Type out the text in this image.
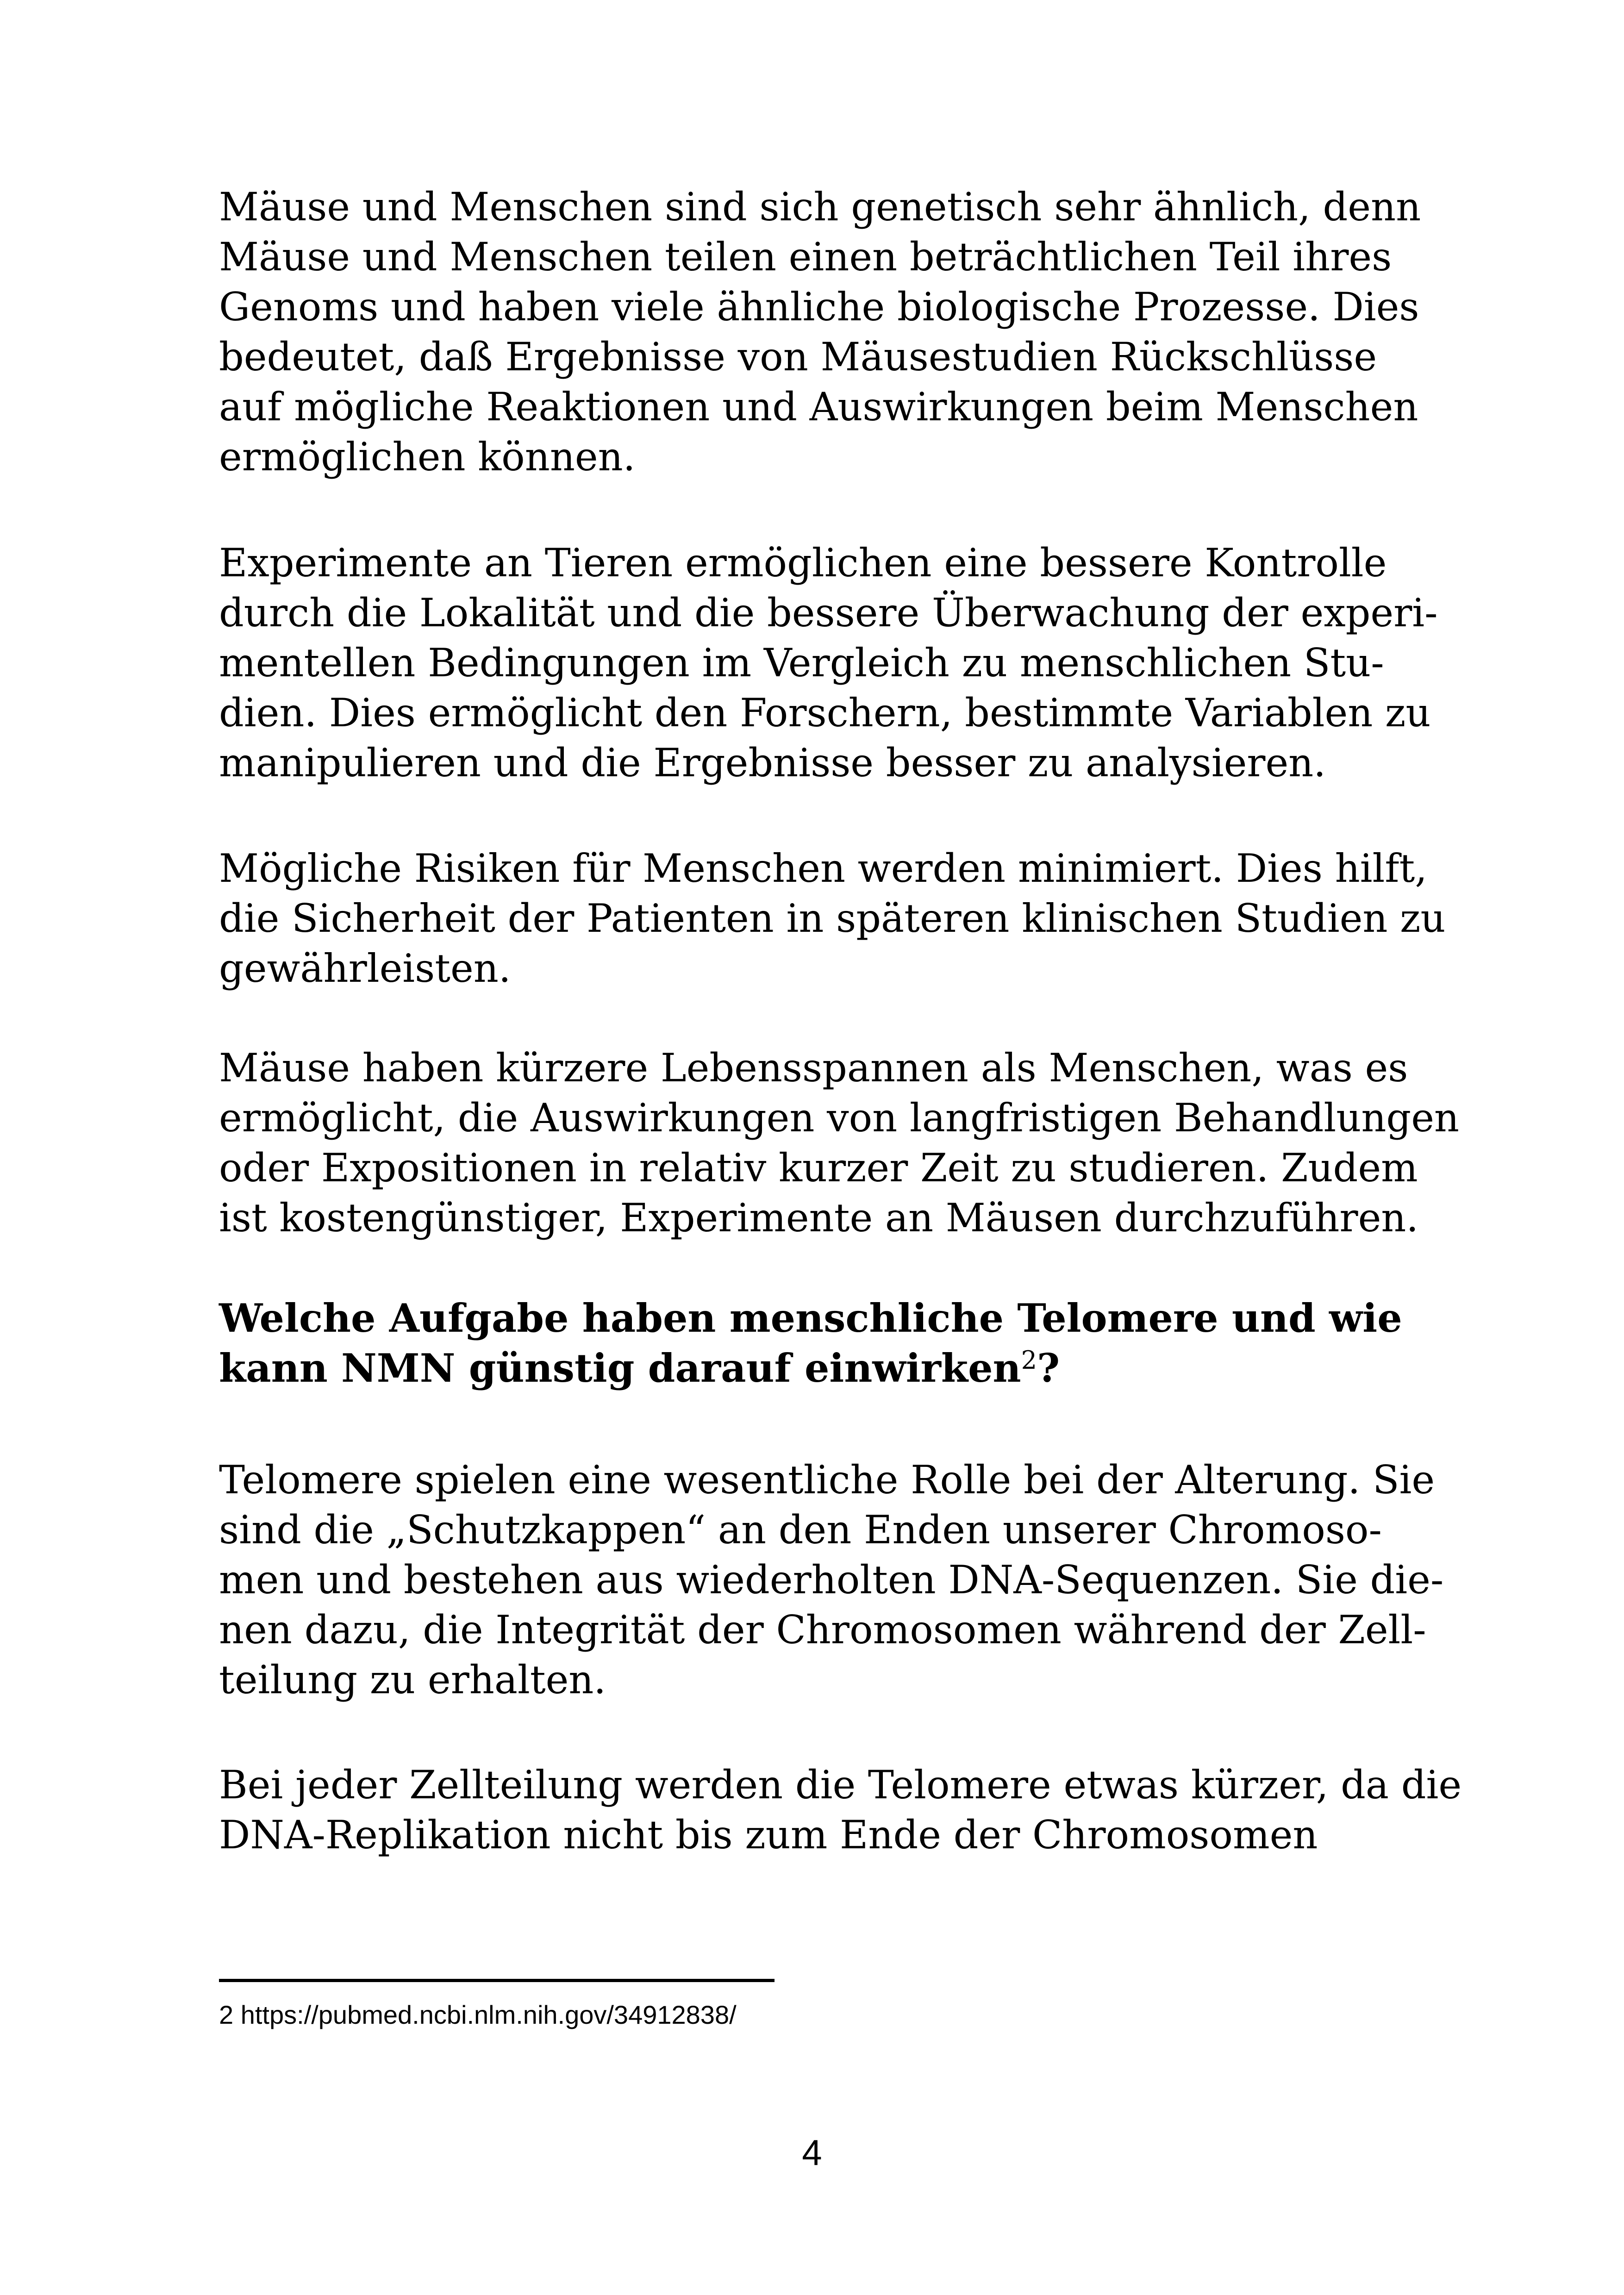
Mäuse und Menschen sind sich genetisch sehr ähnlich, denn
Mäuse und Menschen teilen einen beträchtlichen Teil ihres
Genoms und haben viele ähnliche biologische Prozesse. Dies
bedeutet, daß Ergebnisse von Mäusestudien Rückschlüsse
auf mögliche Reaktionen und Auswirkungen beim Menschen
ermöglichen können.

Experimente an Tieren ermöglichen eine bessere Kontrolle
durch die Lokalität und die bessere Überwachung der experi-
mentellen Bedingungen im Vergleich zu menschlichen Stu-
dien. Dies ermöglicht den Forschern, bestimmte Variablen zu
manipulieren und die Ergebnisse besser zu analysieren.

Mögliche Risiken für Menschen werden minimiert. Dies hilft,
die Sicherheit der Patienten in späteren klinischen Studien zu
gewährleisten.

Mäuse haben kürzere Lebensspannen als Menschen, was es
ermöglicht, die Auswirkungen von langfristigen Behandlungen
oder Expositionen in relativ kurzer Zeit zu studieren. Zudem
ist kostengünstiger, Experimente an Mäusen durchzuführen.

Welche Aufgabe haben menschliche Telomere und wie
kann NMN günstig darauf einwirken$^2$?

Telomere spielen eine wesentliche Rolle bei der Alterung. Sie
sind die „Schutzkappen“ an den Enden unserer Chromoso-
men und bestehen aus wiederholten DNA-Sequenzen. Sie die-
nen dazu, die Integrität der Chromosomen während der Zell-
teilung zu erhalten.

Bei jeder Zellteilung werden die Telomere etwas kürzer, da die
DNA-Replikation nicht bis zum Ende der Chromosomen

2 https://pubmed.ncbi.nlm.nih.gov/34912838/
4
